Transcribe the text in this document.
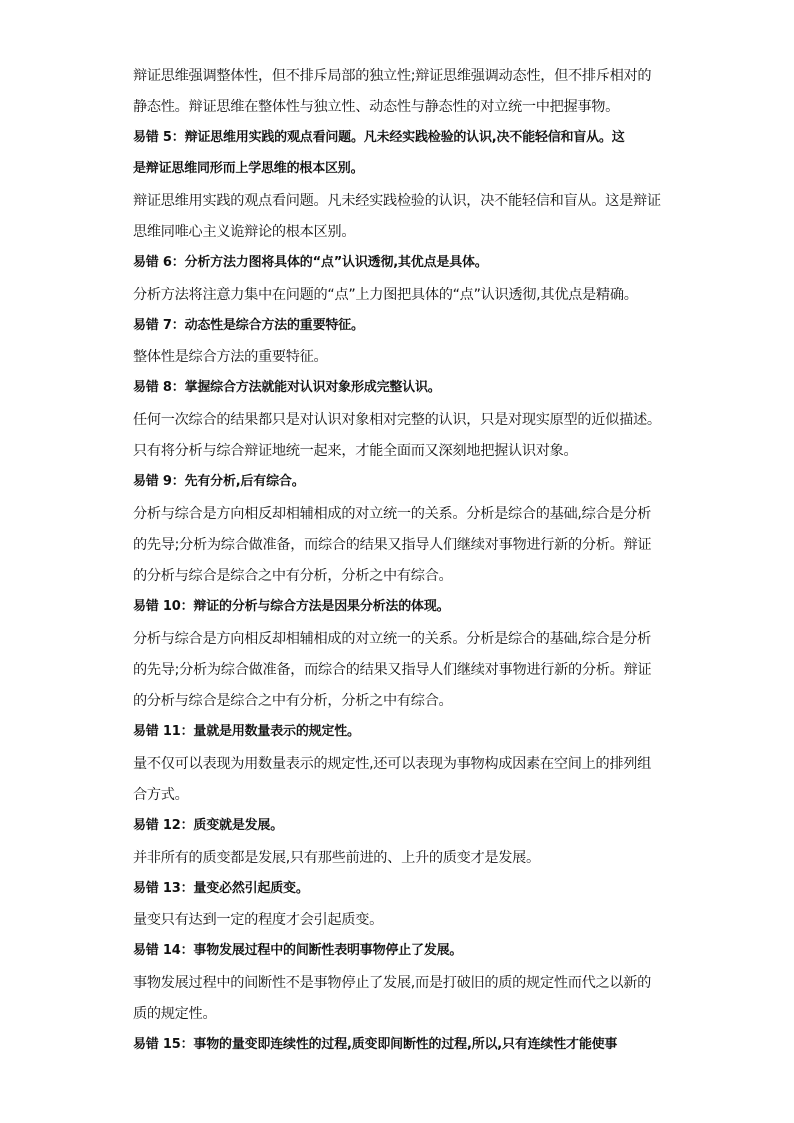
辩证思维强调整体性，但不排斥局部的独立性;辩证思维强调动态性，但不排斥相对的
静态性。辩证思维在整体性与独立性、动态性与静态性的对立统一中把握事物。
易错 5：辩证思维用实践的观点看问题。凡未经实践检验的认识,决不能轻信和盲从。这
是辩证思维同形而上学思维的根本区别。
辩证思维用实践的观点看问题。凡未经实践检验的认识，决不能轻信和盲从。这是辩证
思维同唯心主义诡辩论的根本区别。
易错 6：分析方法力图将具体的“点”认识透彻,其优点是具体。
分析方法将注意力集中在问题的“点”上力图把具体的“点”认识透彻,其优点是精确。
易错 7：动态性是综合方法的重要特征。
整体性是综合方法的重要特征。
易错 8：掌握综合方法就能对认识对象形成完整认识。
任何一次综合的结果都只是对认识对象相对完整的认识，只是对现实原型的近似描述。
只有将分析与综合辩证地统一起来，才能全面而又深刻地把握认识对象。
易错 9：先有分析,后有综合。
分析与综合是方向相反却相辅相成的对立统一的关系。分析是综合的基础,综合是分析
的先导;分析为综合做准备，而综合的结果又指导人们继续对事物进行新的分析。辩证
的分析与综合是综合之中有分析，分析之中有综合。
易错 10：辩证的分析与综合方法是因果分析法的体现。
分析与综合是方向相反却相辅相成的对立统一的关系。分析是综合的基础,综合是分析
的先导;分析为综合做准备，而综合的结果又指导人们继续对事物进行新的分析。辩证
的分析与综合是综合之中有分析，分析之中有综合。
易错 11：量就是用数量表示的规定性。
量不仅可以表现为用数量表示的规定性,还可以表现为事物构成因素在空间上的排列组
合方式。
易错 12：质变就是发展。
并非所有的质变都是发展,只有那些前进的、上升的质变才是发展。
易错 13：量变必然引起质变。
量变只有达到一定的程度才会引起质变。
易错 14：事物发展过程中的间断性表明事物停止了发展。
事物发展过程中的间断性不是事物停止了发展,而是打破旧的质的规定性而代之以新的
质的规定性。
易错 15：事物的量变即连续性的过程,质变即间断性的过程,所以,只有连续性才能使事
